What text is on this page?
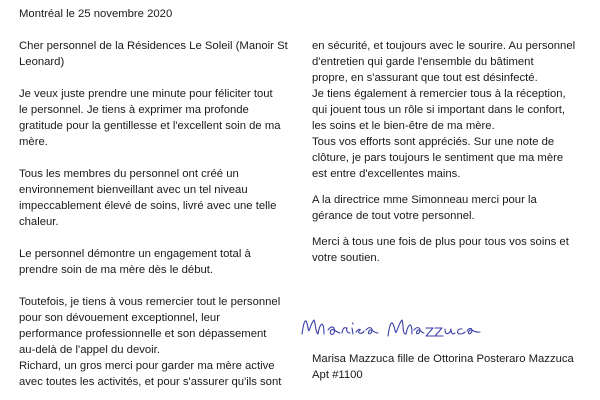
Montréal le 25 novembre 2020
Cher personnel de la Résidences Le Soleil (Manoir St
Leonard)
Je veux juste prendre une minute pour féliciter tout
le personnel. Je tiens à exprimer ma profonde
gratitude pour la gentillesse et l'excellent soin de ma
mère.
Tous les membres du personnel ont créé un
environnement bienveillant avec un tel niveau
impeccablement élevé de soins, livré avec une telle
chaleur.
Le personnel démontre un engagement total à
prendre soin de ma mère dès le début.
Toutefois, je tiens à vous remercier tout le personnel
pour son dévouement exceptionnel, leur
performance professionnelle et son dépassement
au-delà de l'appel du devoir.
Richard, un gros merci pour garder ma mère active
avec toutes les activités, et pour s'assurer qu'ils sont
en sécurité, et toujours avec le sourire. Au personnel
d'entretien qui garde l'ensemble du bâtiment
propre, en s'assurant que tout est désinfecté.
Je tiens également à remercier tous à la réception,
qui jouent tous un rôle si important dans le confort,
les soins et le bien-être de ma mère.
Tous vos efforts sont appréciés. Sur une note de
clôture, je pars toujours le sentiment que ma mère
est entre d'excellentes mains.
A la directrice mme Simonneau merci pour la
gérance de tout votre personnel.
Merci à tous une fois de plus pour tous vos soins et
votre soutien.
Marisa Mazzuca fille de Ottorina Posteraro Mazzuca
Apt #1100
